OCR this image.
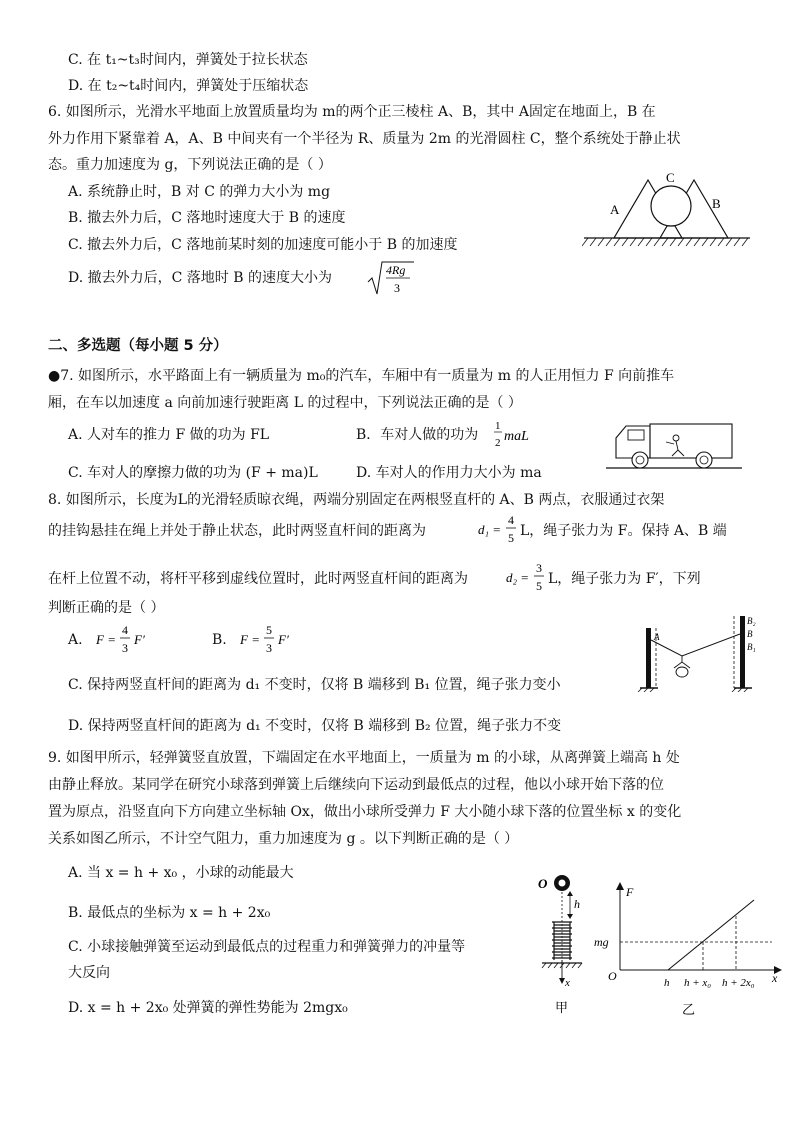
C. 在 t₁~t₃时间内，弹簧处于拉长状态
D. 在 t₂~t₄时间内，弹簧处于压缩状态
6. 如图所示，光滑水平地面上放置质量均为 m的两个正三棱柱 A、B，其中 A固定在地面上，B 在
外力作用下紧靠着 A，A、B 中间夹有一个半径为 R、质量为 2m 的光滑圆柱 C，整个系统处于静止状
态。重力加速度为 g，下列说法正确的是（ ）
A. 系统静止时，B 对 C 的弹力大小为 mg
B. 撤去外力后，C 落地时速度大于 B 的速度
C. 撤去外力后，C 落地前某时刻的加速度可能小于 B 的加速度
D. 撤去外力后，C 落地时 B 的速度大小为	4Rg
3
A	B
C
二、多选题（每小题 5 分）
●7. 如图所示，水平路面上有一辆质量为 m₀的汽车，车厢中有一质量为 m 的人正用恒力 F 向前推车
厢，在车以加速度 a 向前加速行驶距离 L 的过程中，下列说法正确的是（ ）
A. 人对车的推力 F 做的功为 FL	B．车对人做的功为
1
2 maL
C. 车对人的摩擦力做的功为 (F + ma)L	D. 车对人的作用力大小为 ma
8. 如图所示，长度为L的光滑轻质晾衣绳，两端分别固定在两根竖直杆的 A、B 两点，衣服通过衣架
的挂钩悬挂在绳上并处于静止状态，此时两竖直杆间的距离为	d₁ =
4
5 L，绳子张力为 F。保持 A、B 端
在杆上位置不动，将杆平移到虚线位置时，此时两竖直杆间的距离为	d₂ =
3
5 L，绳子张力为 F′，下列
判断正确的是（ ）
A. F =
4
3
F′	B. F =
5
3
F′
C. 保持两竖直杆间的距离为 d₁ 不变时，仅将 B 端移到 B₁ 位置，绳子张力变小
D. 保持两竖直杆间的距离为 d₁ 不变时，仅将 B 端移到 B₂ 位置，绳子张力不变
A
B₂
B
B₁
9. 如图甲所示，轻弹簧竖直放置，下端固定在水平地面上，一质量为 m 的小球，从离弹簧上端高 h 处
由静止释放。某同学在研究小球落到弹簧上后继续向下运动到最低点的过程，他以小球开始下落的位
置为原点，沿竖直向下方向建立坐标轴 Ox，做出小球所受弹力 F 大小随小球下落的位置坐标 x 的变化
关系如图乙所示，不计空气阻力，重力加速度为 g 。以下判断正确的是（ ）
A. 当 x = h + x₀ ，小球的动能最大
B. 最低点的坐标为 x = h + 2x₀
C. 小球接触弹簧至运动到最低点的过程重力和弹簧弹力的冲量等
大反向
D. x = h + 2x₀ 处弹簧的弹性势能为 2mgx₀
O
h
x
甲
F
O	x
mg
h h + x₀ h + 2x₀
乙
